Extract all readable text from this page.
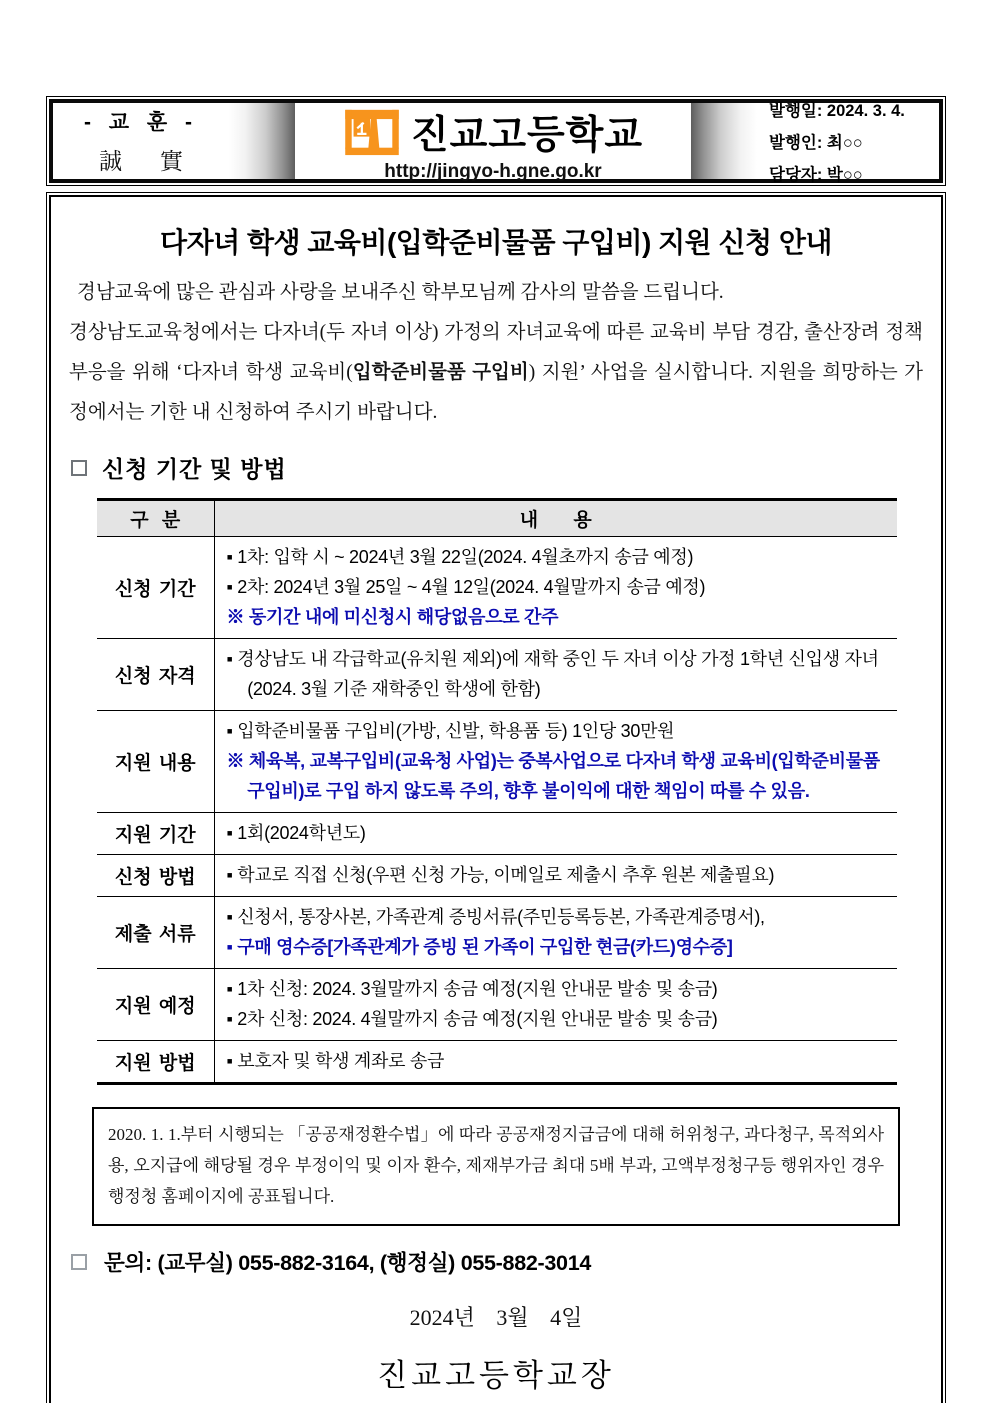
- 교 훈 -
誠 實
진교고등학교
http://jingyo-h.gne.go.kr
발행일: 2024. 3. 4.
발행인: 최○○
담당자: 박○○
다자녀 학생 교육비(입학준비물품 구입비) 지원 신청 안내

경남교육에 많은 관심과 사랑을 보내주신 학부모님께 감사의 말씀을 드립니다.

경상남도교육청에서는 다자녀(두 자녀 이상) 가정의 자녀교육에 따른 교육비 부담 경감, 출산장려 정책 부응을 위해 ‘다자녀 학생 교육비(입학준비물품 구입비) 지원’ 사업을 실시합니다. 지원을 희망하는 가정에서는 기한 내 신청하여 주시기 바랍니다.

신청 기간 및 방법
구 분	내 용
신청 기간	▪ 1차: 입학 시 ~ 2024년 3월 22일(2024. 4월초까지 송금 예정)

▪ 2차: 2024년 3월 25일 ~ 4월 12일(2024. 4월말까지 송금 예정)

※ 동기간 내에 미신청시 해당없음으로 간주

신청 자격	▪ 경상남도 내 각급학교(유치원 제외)에 재학 중인 두 자녀 이상 가정 1학년 신입생 자녀(2024. 3월 기준 재학중인 학생에 한함)

지원 내용	▪ 입학준비물품 구입비(가방, 신발, 학용품 등) 1인당 30만원

※ 체육복, 교복구입비(교육청 사업)는 중복사업으로 다자녀 학생 교육비(입학준비물품 구입비)로 구입 하지 않도록 주의, 향후 불이익에 대한 책임이 따를 수 있음.

지원 기간	▪ 1회(2024학년도)

신청 방법	▪ 학교로 직접 신청(우편 신청 가능, 이메일로 제출시 추후 원본 제출필요)

제출 서류	▪ 신청서, 통장사본, 가족관계 증빙서류(주민등록등본, 가족관계증명서),

▪ 구매 영수증[가족관계가 증빙 된 가족이 구입한 현금(카드)영수증]

지원 예정	▪ 1차 신청: 2024. 3월말까지 송금 예정(지원 안내문 발송 및 송금)

▪ 2차 신청: 2024. 4월말까지 송금 예정(지원 안내문 발송 및 송금)

지원 방법	▪ 보호자 및 학생 계좌로 송금

2020. 1. 1.부터 시행되는 「공공재정환수법」에 따라 공공재정지급금에 대해 허위청구, 과다청구, 목적외사용, 오지급에 해당될 경우 부정이익 및 이자 환수, 제재부가금 최대 5배 부과, 고액부정청구등 행위자인 경우 행정청 홈페이지에 공표됩니다.
문의: (교무실) 055-882-3164, (행정실) 055-882-3014
2024년 3월 4일
진교고등학교장
